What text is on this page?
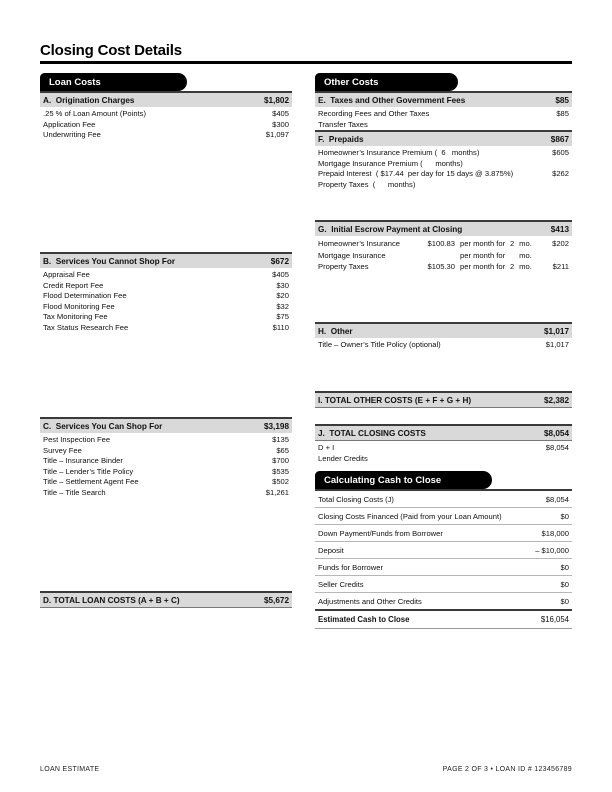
Closing Cost Details
Loan Costs
A.  Origination Charges	$1,802
.25 % of Loan Amount (Points)	$405
Application Fee	$300
Underwriting Fee	$1,097
B.  Services You Cannot Shop For	$672
Appraisal Fee	$405
Credit Report Fee	$30
Flood Determination Fee	$20
Flood Monitoring Fee	$32
Tax Monitoring Fee	$75
Tax Status Research Fee	$110
C.  Services You Can Shop For	$3,198
Pest Inspection Fee	$135
Survey Fee	$65
Title – Insurance Binder	$700
Title – Lender’s Title Policy	$535
Title – Settlement Agent Fee	$502
Title – Title Search	$1,261
D. TOTAL LOAN COSTS (A + B + C)	$5,672
Other Costs
E.  Taxes and Other Government Fees	$85
Recording Fees and Other Taxes	$85
Transfer Taxes
F.  Prepaids	$867
Homeowner’s Insurance Premium (  6   months)	$605
Mortgage Insurance Premium (      months)
Prepaid Interest  ( $17.44  per day for 15 days @ 3.875%)	$262
Property Taxes  (      months)
G.  Initial Escrow Payment at Closing	$413
Homeowner’s Insurance	$100.83 per month for 2 mo.	$202
Mortgage Insurance	per month for mo.
Property Taxes	$105.30 per month for 2 mo.	$211
H.  Other	$1,017
Title – Owner’s Title Policy (optional)	$1,017
I. TOTAL OTHER COSTS (E + F + G + H)	$2,382
J.  TOTAL CLOSING COSTS	$8,054
D + I	$8,054
Lender Credits
Calculating Cash to Close
Total Closing Costs (J)	$8,054
Closing Costs Financed (Paid from your Loan Amount)	$0
Down Payment/Funds from Borrower	$18,000
Deposit	– $10,000
Funds for Borrower	$0
Seller Credits	$0
Adjustments and Other Credits	$0
Estimated Cash to Close	$16,054
LOAN ESTIMATE	PAGE 2 OF 3 • LOAN ID # 123456789
